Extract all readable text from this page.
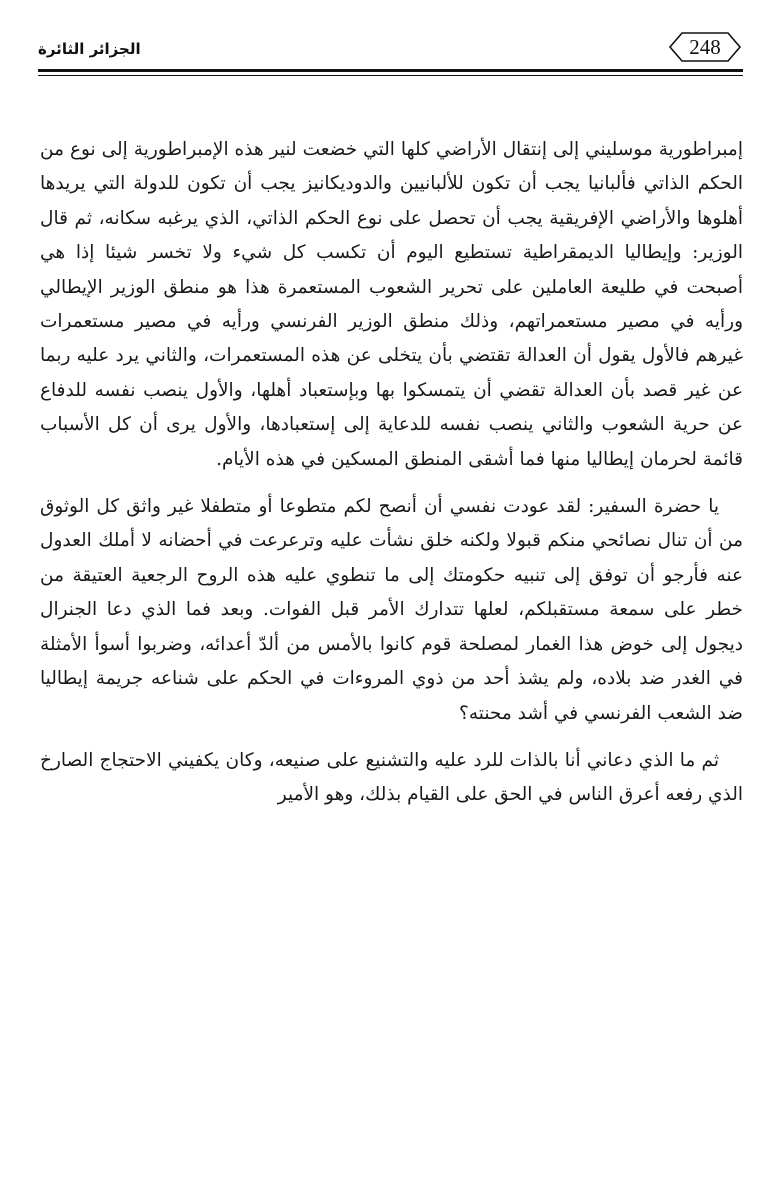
الجزائر الثائرة	248

إمبراطورية موسليني إلى إنتقال الأراضي كلها التي خضعت لنير هذه الإمبراطورية إلى نوع من الحكم الذاتي فألبانيا يجب أن تكون للألبانيين والدوديكانيز يجب أن تكون للدولة التي يريدها أهلوها والأراضي الإفريقية يجب أن تحصل على نوع الحكم الذاتي، الذي يرغبه سكانه، ثم قال الوزير: وإيطاليا الديمقراطية تستطيع اليوم أن تكسب كل شيء ولا تخسر شيئا إذا هي أصبحت في طليعة العاملين على تحرير الشعوب المستعمرة هذا هو منطق الوزير الإيطالي ورأيه في مصير مستعمراتهم، وذلك منطق الوزير الفرنسي ورأيه في مصير مستعمرات غيرهم فالأول يقول أن العدالة تقتضي بأن يتخلى عن هذه المستعمرات، والثاني يرد عليه ربما عن غير قصد بأن العدالة تقضي أن يتمسكوا بها وبإستعباد أهلها، والأول ينصب نفسه للدفاع عن حرية الشعوب والثاني ينصب نفسه للدعاية إلى إستعبادها، والأول يرى أن كل الأسباب قائمة لحرمان إيطاليا منها فما أشقى المنطق المسكين في هذه الأيام.

يا حضرة السفير: لقد عودت نفسي أن أنصح لكم متطوعا أو متطفلا غير واثق كل الوثوق من أن تنال نصائحي منكم قبولا ولكنه خلق نشأت عليه وترعرعت في أحضانه لا أملك العدول عنه فأرجو أن توفق إلى تنبيه حكومتك إلى ما تنطوي عليه هذه الروح الرجعية العتيقة من خطر على سمعة مستقبلكم، لعلها تتدارك الأمر قبل الفوات. وبعد فما الذي دعا الجنرال ديجول إلى خوض هذا الغمار لمصلحة قوم كانوا بالأمس من ألدّ أعدائه، وضربوا أسوأ الأمثلة في الغدر ضد بلاده، ولم يشذ أحد من ذوي المروءات في الحكم على شناعه جريمة إيطاليا ضد الشعب الفرنسي في أشد محنته؟

ثم ما الذي دعاني أنا بالذات للرد عليه والتشنيع على صنيعه، وكان يكفيني الاحتجاج الصارخ الذي رفعه أعرق الناس في الحق على القيام بذلك، وهو الأمير
